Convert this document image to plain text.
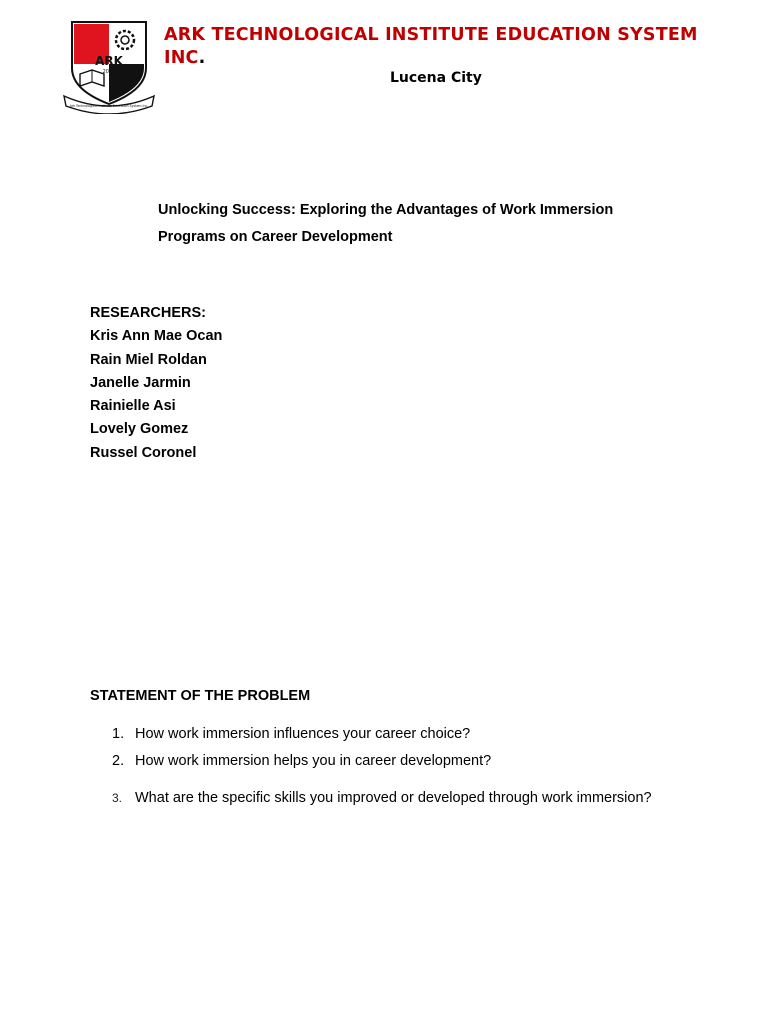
ARK
2015
Ark Technological Institute Education System Inc.
ARK TECHNOLOGICAL INSTITUTE EDUCATION SYSTEM INC.
Lucena City
Unlocking Success: Exploring the Advantages of Work Immersion
Programs on Career Development
RESEARCHERS:
Kris Ann Mae Ocan
Rain Miel Roldan
Janelle Jarmin
Rainielle Asi
Lovely Gomez
Russel Coronel
STATEMENT OF THE PROBLEM
1. How work immersion influences your career choice?
2. How work immersion helps you in career development?
3. What are the specific skills you improved or developed through work immersion?
